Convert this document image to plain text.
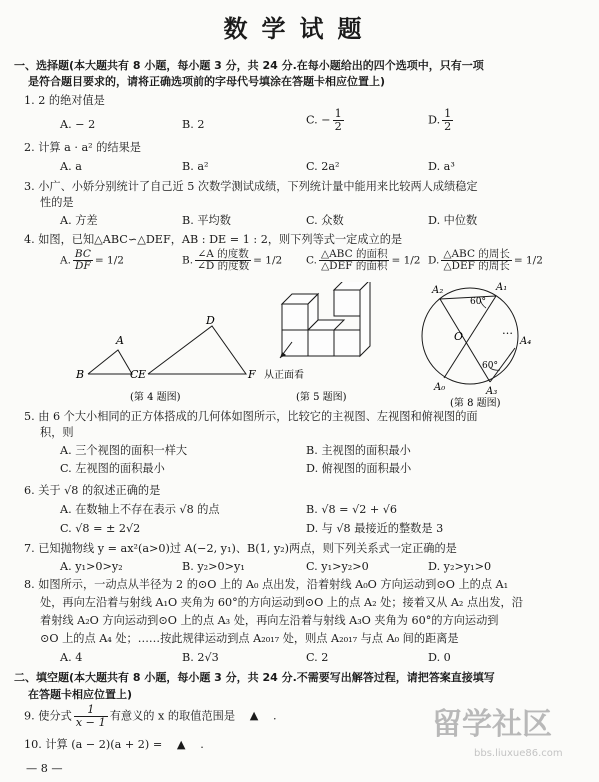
数学试题
一、选择题(本大题共有 8 小题，每小题 3 分，共 24 分.在每小题给出的四个选项中，只有一项
是符合题目要求的，请将正确选项前的字母代号填涂在答题卡相应位置上)
1. 2 的绝对值是
A. − 2	B. 2	C. − $\frac{1}{2}$	D. $\frac{1}{2}$
2. 计算 a · a² 的结果是
A. a	B. a²	C. 2a²	D. a³
3. 小广、小娇分别统计了自己近 5 次数学测试成绩，下列统计量中能用来比较两人成绩稳定
性的是
A. 方差	B. 平均数	C. 众数	D. 中位数
4. 如图，已知△ABC∽△DEF，AB : DE = 1 : 2，则下列等式一定成立的是
A. $\frac{BC}{DF} = 1/2$	B. $\frac{\text{∠A 的度数}}{\text{∠D 的度数}} = 1/2$ C. $\frac{\text{△ABC 的面积}}{\text{△DEF 的面积}} = 1/2$ D. $\frac{\text{△ABC 的周长}}{\text{△DEF 的周长}} = 1/2$
B
A
C E
D
F
(第 4 题图)
从正面看
(第 5 题图)
A₂	A₁
60°
O	…
A₄
60°
A₀	A₃
(第 8 题图)
5. 由 6 个大小相同的正方体搭成的几何体如图所示，比较它的主视图、左视图和俯视图的面
积，则
A. 三个视图的面积一样大	B. 主视图的面积最小
C. 左视图的面积最小	D. 俯视图的面积最小
6. 关于 √8 的叙述正确的是
A. 在数轴上不存在表示 √8 的点	B. √8 = √2 + √6
C. √8 = ± 2√2	D. 与 √8 最接近的整数是 3
7. 已知抛物线 y = ax²(a>0)过 A(−2, y₁)、B(1, y₂)两点，则下列关系式一定正确的是
A. y₁>0>y₂	B. y₂>0>y₁	C. y₁>y₂>0	D. y₂>y₁>0
8. 如图所示，一动点从半径为 2 的⊙O 上的 A₀ 点出发，沿着射线 A₀O 方向运动到⊙O 上的点 A₁
处，再向左沿着与射线 A₁O 夹角为 60°的方向运动到⊙O 上的点 A₂ 处；接着又从 A₂ 点出发，沿
着射线 A₂O 方向运动到⊙O 上的点 A₃ 处，再向左沿着与射线 A₃O 夹角为 60°的方向运动到
⊙O 上的点 A₄ 处；……按此规律运动到点 A₂₀₁₇ 处，则点 A₂₀₁₇ 与点 A₀ 间的距离是
A. 4	B. 2√3	C. 2	D. 0
二、填空题(本大题共有 8 小题，每小题 3 分，共 24 分.不需要写出解答过程，请把答案直接填写
在答题卡相应位置上)
9. 使分式 $\frac{1}{x - 1}$ 有意义的 x 的取值范围是 ▲ .
10. 计算 (a − 2)(a + 2) = ▲ .
— 8 —
留学社区
bbs.liuxue86.com
